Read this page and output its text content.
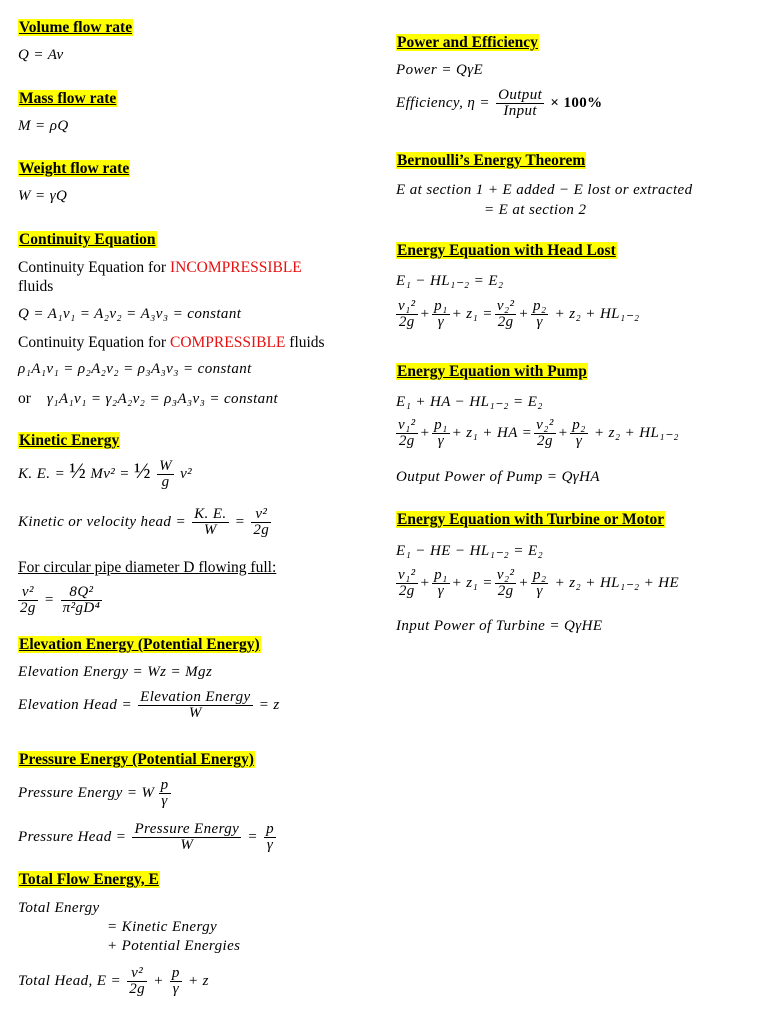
Volume flow rate
Q = Av
Mass flow rate
M = ρQ
Weight flow rate
W = γQ
Continuity Equation
Continuity Equation for INCOMPRESSIBLE
fluids
Q = A₁v₁ = A₂v₂ = A₃v₃ = constant
Continuity Equation for COMPRESSIBLE fluids
ρ₁A₁v₁ = ρ₂A₂v₂ = ρ₃A₃v₃ = constant
or γ₁A₁v₁ = γ₂A₂v₂ = ρ₃A₃v₃ = constant
Kinetic Energy
K. E. = ½ Mv² = ½ $\frac{W}{g} v^2$
Kinetic or velocity head = $\frac{K. E.}{W} = \frac{\text{v²}}{2g}$
For circular pipe diameter D flowing full:
$\frac{\text{v²}}{2g} = \frac{\text{8Q²}}{\text{π²gD⁴}}$
Elevation Energy (Potential Energy)
Elevation Energy = Wz = Mgz
Elevation Head = $\frac{\text{Elevation Energy}}{W} = z$
Pressure Energy (Potential Energy)
Pressure Energy = W $\frac{p}{\gamma}$
Pressure Head = $\frac{\text{Pressure Energy}}{W} = \frac{p}{\gamma}$
Total Flow Energy, E
Total Energy
= Kinetic Energy
+ Potential Energies
Total Head, $E = \frac{\text{v²}}{2g} + \frac{p}{\gamma} + z$
Power and Efficiency
Power = QγE
Efficiency, $\eta = \frac{\text{Output}}{\text{Input}} \times 100\%$
Bernoulli’s Energy Theorem
E at section 1 + E added − E lost or extracted
= E at section 2
Energy Equation with Head Lost
E₁ − HL₁₋₂ = E₂
$\frac{\text{v₁²}}{2g} + \frac{\text{p₁}}{\gamma} + z_1 = \frac{\text{v₂²}}{2g} + \frac{\text{p₂}}{\gamma} + z_2 + HL_{1-2}$
Energy Equation with Pump
E₁ + HA − HL₁₋₂ = E₂
$\frac{\text{v₁²}}{2g} + \frac{\text{p₁}}{\gamma} + z_1$ + HA = $\frac{\text{v₂²}}{2g} + \frac{\text{p₂}}{\gamma} + z_2 + HL_{1-2}$
Output Power of Pump = QγHA
Energy Equation with Turbine or Motor
E₁ − HE − HL₁₋₂ = E₂
$\frac{\text{v₁²}}{2g} + \frac{\text{p₁}}{\gamma} + z_1 = \frac{\text{v₂²}}{2g} + \frac{\text{p₂}}{\gamma} + z_2 + HL_{1-2}$ + HE
Input Power of Turbine = QγHE
